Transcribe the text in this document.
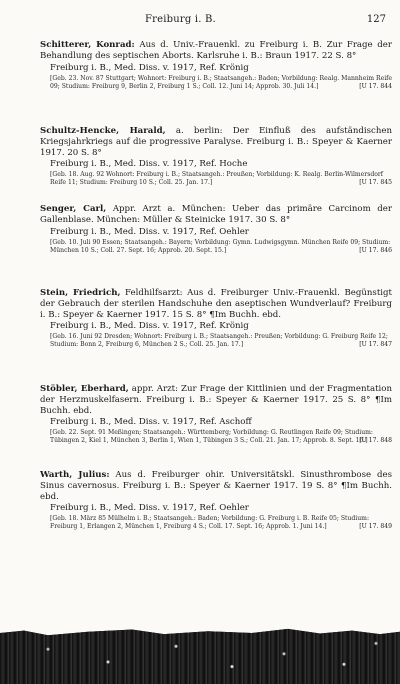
Freiburg i. B.	127

Schitterer, Konrad: Aus d. Univ.-Frauenkl. zu Freiburg i. B. Zur Frage der Behandlung des septischen Aborts. Karlsruhe i. B.: Braun 1917. 22 S. 8°

Freiburg i. B., Med. Diss. v. 1917, Ref. Krönig

[Geb. 23. Nov. 87 Stuttgart; Wohnort: Freiburg i. B.; Staatsangeh.: Baden; Vorbildung: Realg. Mannheim Reife 09; Studium: Freiburg 9, Berlin 2, Freiburg 1 S.; Coll. 12. Juni 14; Approb. 30. Juli 14.]	[U 17. 844

Schultz-Hencke, Harald, a. berlin: Der Einfluß des aufständischen Kriegsjahrkriegs auf die progressive Paralyse. Freiburg i. B.: Speyer & Kaerner 1917. 20 S. 8°

Freiburg i. B., Med. Diss. v. 1917, Ref. Hoche

[Geb. 18. Aug. 92 Wohnort: Freiburg i. B.; Staatsangeh.: Preußen; Vorbildung: K. Realg. Berlin-Wilmersdorf Reife 11; Studium: Freiburg 10 S.; Coll. 25. Jan. 17.]	[U 17. 845

Senger, Carl, Appr. Arzt a. München: Ueber das primäre Carcinom der Gallenblase. München: Müller & Steinicke 1917. 30 S. 8°

Freiburg i. B., Med. Diss. v. 1917, Ref. Oehler

[Geb. 10. Juli 90 Essen; Staatsangeh.: Bayern; Vorbildung: Gymn. Ludwigsgymn. München Reife 09; Studium: München 10 S.; Coll. 27. Sept. 16; Approb. 20. Sept. 15.]	[U 17. 846

Stein, Friedrich, Feldhilfsarzt: Aus d. Freiburger Univ.-Frauenkl. Begünstigt der Gebrauch der sterilen Handschuhe den aseptischen Wundverlauf? Freiburg i. B.: Speyer & Kaerner 1917. 15 S. 8° ¶Im Buchh. ebd.

Freiburg i. B., Med. Diss. v. 1917, Ref. Krönig

[Geb. 16. Juni 92 Dresden; Wohnort: Freiburg i. B.; Staatsangeh.: Preußen; Vorbildung: G. Freiburg Reife 12; Studium: Bonn 2, Freiburg 6, München 2 S.; Coll. 25. Jan. 17.]	[U 17. 847

Stöbler, Eberhard, appr. Arzt: Zur Frage der Kittlinien und der Fragmentation der Herzmuskelfasern. Freiburg i. B.: Speyer & Kaerner 1917. 25 S. 8° ¶Im Buchh. ebd.

Freiburg i. B., Med. Diss. v. 1917, Ref. Aschoff

[Geb. 22. Sept. 91 Meßingen; Staatsangeh.: Württemberg; Vorbildung: G. Reutlingen Reife 09; Studium: Tübingen 2, Kiel 1, München 3, Berlin 1, Wien 1, Tübingen 3 S.; Coll. 21. Jan. 17; Approb. 8. Sept. 16.]

[U 17. 848

Warth, Julius: Aus d. Freiburger ohir. Universitätskl. Sinusthrombose des Sinus cavernosus. Freiburg i. B.: Speyer & Kaerner 1917. 19 S. 8° ¶Im Buchh. ebd.

Freiburg i. B., Med. Diss. v. 1917, Ref. Oehler

[Geb. 18. März 85 Mülhelm i. B.; Staatsangeh.: Baden; Vorbildung: G. Freiburg i. B. Reife 05; Studium: Freiburg 1, Erlangen 2, München 1, Freiburg 4 S.; Coll. 17. Sept. 16; Approb. 1. Juni 14.]	[U 17. 849
